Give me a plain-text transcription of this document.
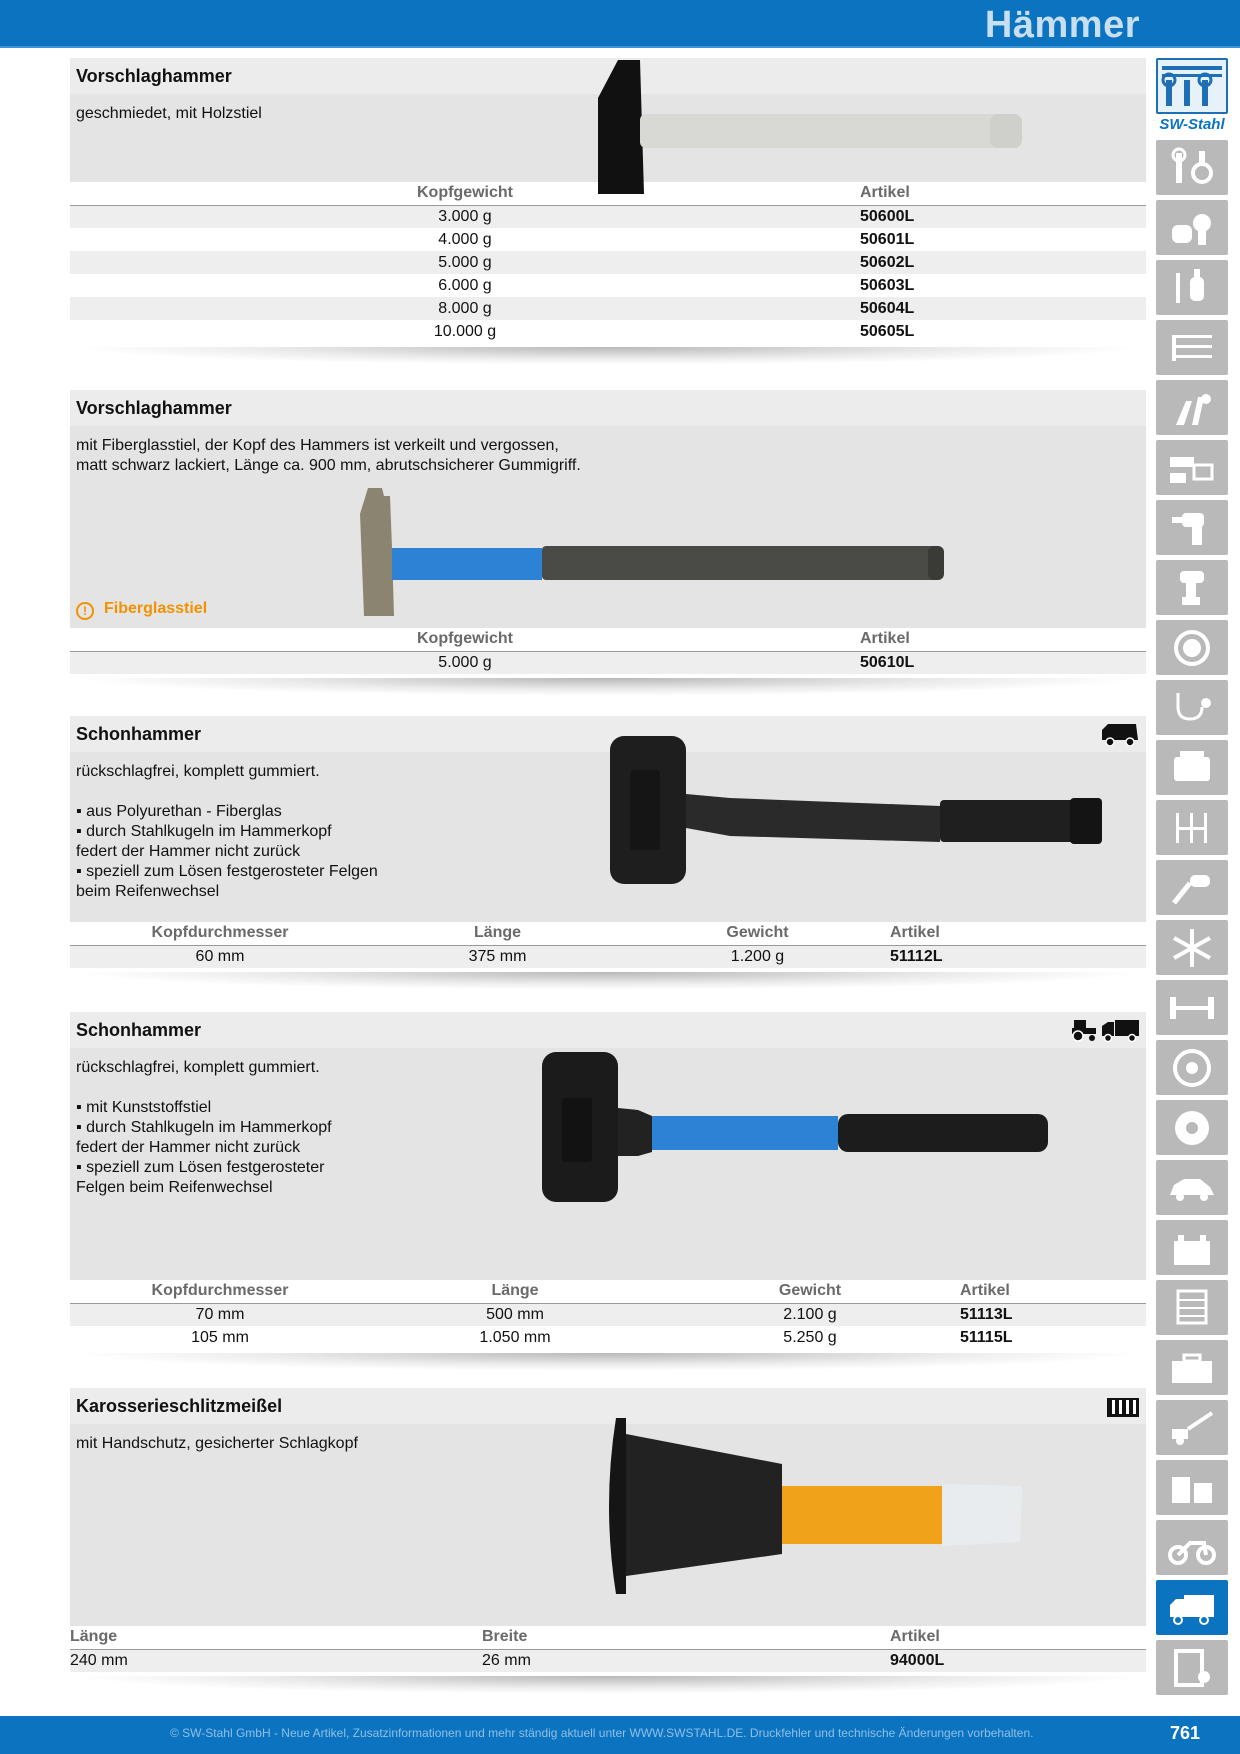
Hämmer
SW-Stahl
Vorschlaghammer
geschmiedet, mit Holzstiel
Kopfgewicht	Artikel
3.000 g	50600L
4.000 g	50601L
5.000 g	50602L
6.000 g	50603L
8.000 g	50604L
10.000 g	50605L
Vorschlaghammer
mit Fiberglasstiel, der Kopf des Hammers ist verkeilt und vergossen,
matt schwarz lackiert, Länge ca. 900 mm, abrutschsicherer Gummigriff.
! Fiberglasstiel
Kopfgewicht	Artikel
5.000 g	50610L
Schonhammer
rückschlagfrei, komplett gummiert.

▪ aus Polyurethan - Fiberglas
▪ durch Stahlkugeln im Hammerkopf
federt der Hammer nicht zurück
▪ speziell zum Lösen festgerosteter Felgen
beim Reifenwechsel
Kopfdurchmesser	Länge	Gewicht	Artikel
60 mm	375 mm	1.200 g	51112L
Schonhammer
rückschlagfrei, komplett gummiert.

▪ mit Kunststoffstiel
▪ durch Stahlkugeln im Hammerkopf
federt der Hammer nicht zurück
▪ speziell zum Lösen festgerosteter
Felgen beim Reifenwechsel
Kopfdurchmesser	Länge	Gewicht	Artikel
70 mm	500 mm	2.100 g	51113L
105 mm	1.050 mm	5.250 g	51115L
Karosserieschlitzmeißel
mit Handschutz, gesicherter Schlagkopf
Länge	Breite	Artikel
240 mm	26 mm	94000L
© SW-Stahl GmbH - Neue Artikel, Zusatzinformationen und mehr ständig aktuell unter WWW.SWSTAHL.DE. Druckfehler und technische Änderungen vorbehalten.	761
